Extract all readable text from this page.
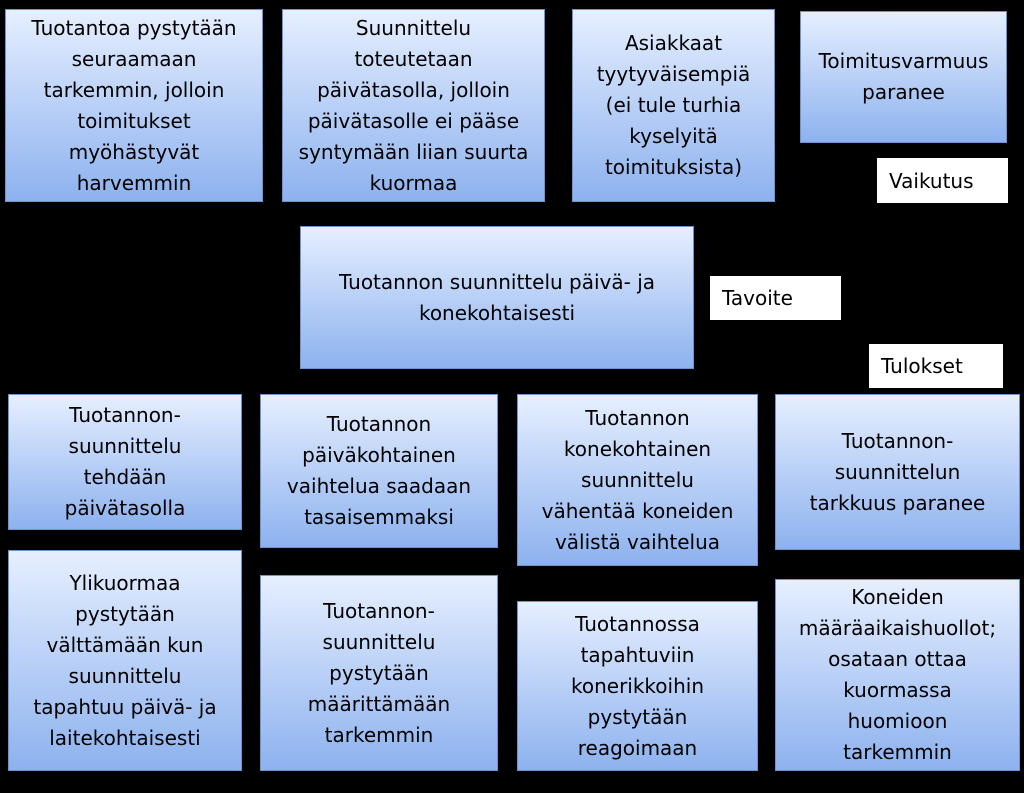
Tuotantoa pystytään
seuraamaan
tarkemmin, jolloin
toimitukset
myöhästyvät
harvemmin
Suunnittelu
toteutetaan
päivätasolla, jolloin
päivätasolle ei pääse
syntymään liian suurta
kuormaa
Asiakkaat
tyytyväisempiä
(ei tule turhia
kyselyitä
toimituksista)
Toimitusvarmuus
paranee
Vaikutus
Tuotannon suunnittelu päivä- ja
konekohtaisesti
Tavoite
Tulokset
Tuotannon-
suunnittelu
tehdään
päivätasolla
Tuotannon
päiväkohtainen
vaihtelua saadaan
tasaisemmaksi
Tuotannon
konekohtainen
suunnittelu
vähentää koneiden
välistä vaihtelua
Tuotannon-
suunnittelun
tarkkuus paranee
Ylikuormaa
pystytään
välttämään kun
suunnittelu
tapahtuu päivä- ja
laitekohtaisesti
Tuotannon-
suunnittelu
pystytään
määrittämään
tarkemmin
Tuotannossa
tapahtuviin
konerikkoihin
pystytään
reagoimaan
Koneiden
määräaikaishuollot;
osataan ottaa
kuormassa
huomioon
tarkemmin
